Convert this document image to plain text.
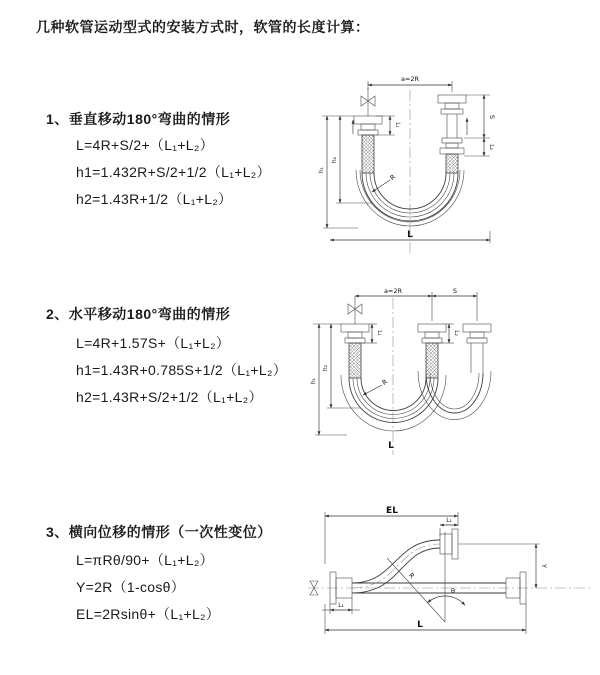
几种软管运动型式的安装方式时，软管的长度计算：
1、垂直移动180°弯曲的情形
L=4R+S/2+（L₁+L₂）
h1=1.432R+S/2+1/2（L₁+L₂）
h2=1.43R+1/2（L₁+L₂）
2、水平移动180°弯曲的情形
L=4R+1.57S+（L₁+L₂）
h1=1.43R+0.785S+1/2（L₁+L₂）
h2=1.43R+S/2+1/2（L₁+L₂）
3、横向位移的情形（一次性变位）
L=πRθ/90+（L₁+L₂）
Y=2R（1-cosθ）
EL=2Rsinθ+（L₁+L₂）
a=2R
S
L₂
L₁
h₂
h₁
R
L
a=2R	S
L₁	L₂
h₂
h₁	R
L
EL
L₁
Y
θ
R
L₁
L
